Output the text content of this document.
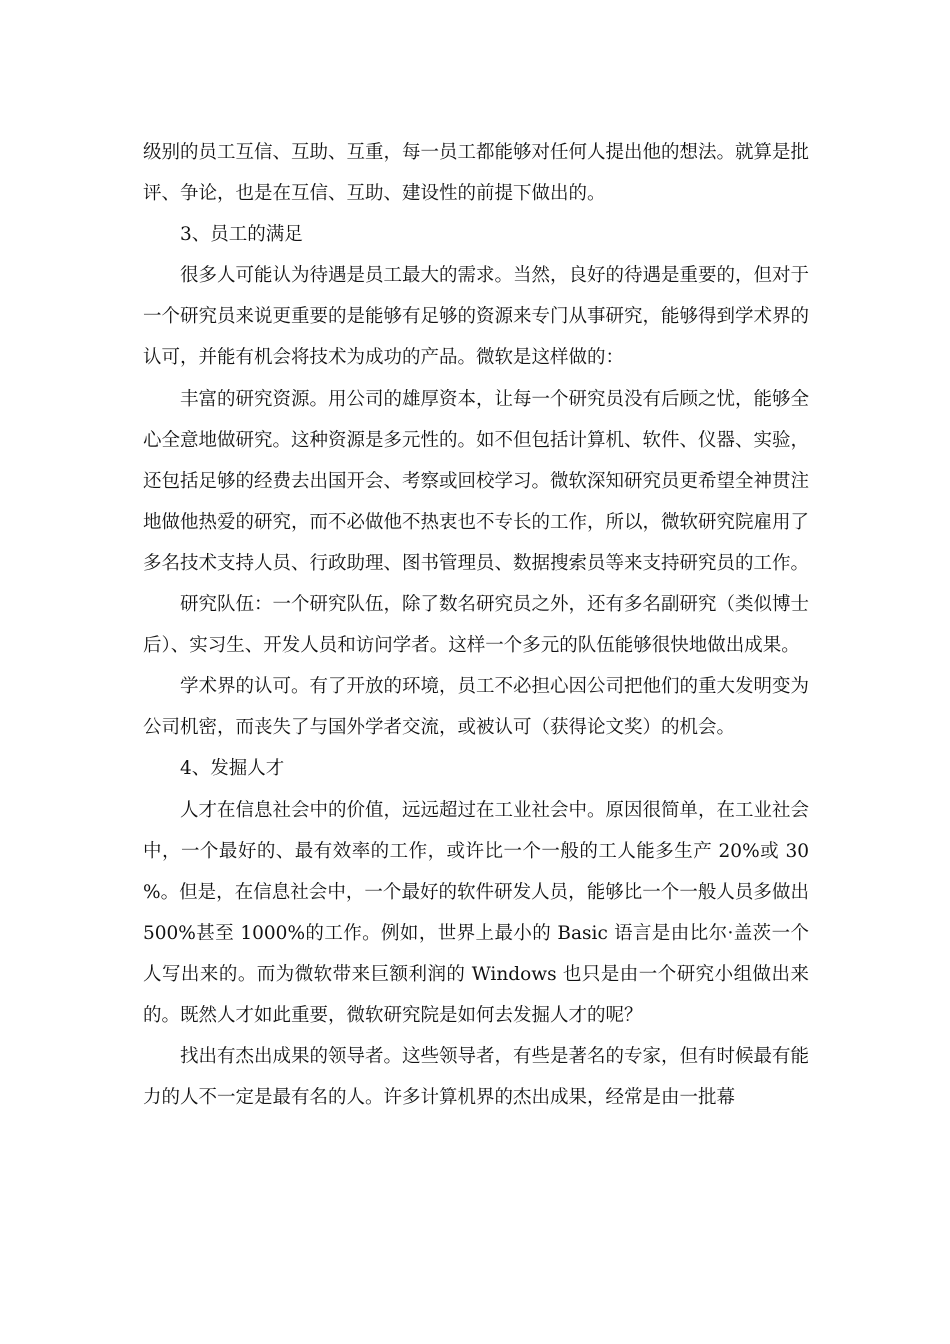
级别的员工互信、互助、互重，每一员工都能够对任何人提出他的想法。就算是批评、争论，也是在互信、互助、建设性的前提下做出的。

3、员工的满足

很多人可能认为待遇是员工最大的需求。当然，良好的待遇是重要的，但对于一个研究员来说更重要的是能够有足够的资源来专门从事研究，能够得到学术界的认可，并能有机会将技术为成功的产品。微软是这样做的：

丰富的研究资源。用公司的雄厚资本，让每一个研究员没有后顾之忧，能够全心全意地做研究。这种资源是多元性的。如不但包括计算机、软件、仪器、实验，还包括足够的经费去出国开会、考察或回校学习。微软深知研究员更希望全神贯注地做他热爱的研究，而不必做他不热衷也不专长的工作，所以，微软研究院雇用了多名技术支持人员、行政助理、图书管理员、数据搜索员等来支持研究员的工作。

研究队伍：一个研究队伍，除了数名研究员之外，还有多名副研究（类似博士后）、实习生、开发人员和访问学者。这样一个多元的队伍能够很快地做出成果。

学术界的认可。有了开放的环境，员工不必担心因公司把他们的重大发明变为公司机密，而丧失了与国外学者交流，或被认可（获得论文奖）的机会。

4、发掘人才

人才在信息社会中的价值，远远超过在工业社会中。原因很简单，在工业社会中，一个最好的、最有效率的工作，或许比一个一般的工人能多生产 20%或 30%。但是，在信息社会中，一个最好的软件研发人员，能够比一个一般人员多做出 500%甚至 1000%的工作。例如，世界上最小的 Basic 语言是由比尔·盖茨一个人写出来的。而为微软带来巨额利润的 Windows 也只是由一个研究小组做出来的。既然人才如此重要，微软研究院是如何去发掘人才的呢？

找出有杰出成果的领导者。这些领导者，有些是著名的专家，但有时候最有能力的人不一定是最有名的人。许多计算机界的杰出成果，经常是由一批幕
